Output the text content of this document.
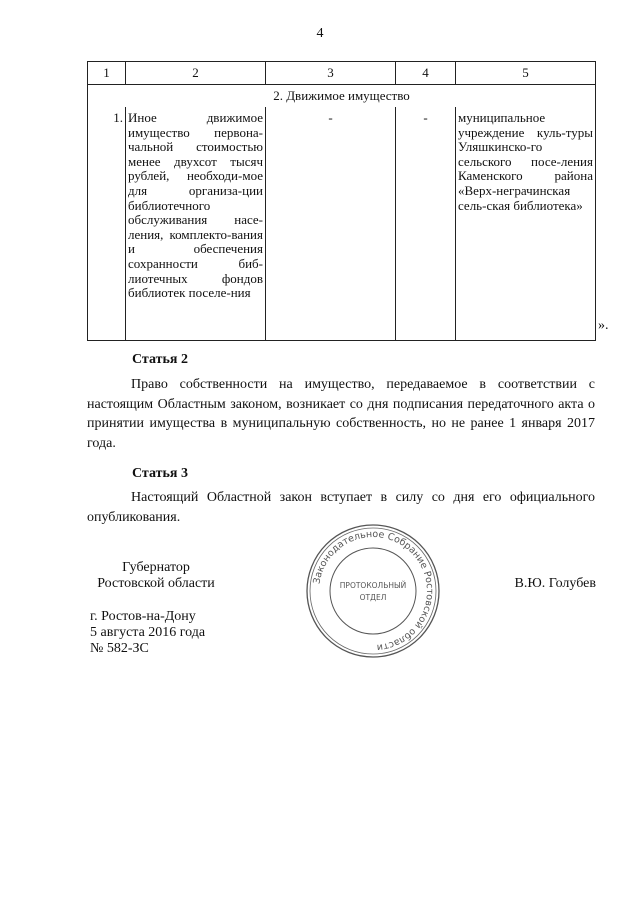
4
1	2	3	4	5
2. Движимое имущество				
1.	Иное движимое имущество первона-чальной стоимостью менее двухсот тысяч рублей, необходи-мое для организа-ции библиотечного обслуживания насе-ления, комплекто-вания и обеспечения сохранности биб-лиотечных фондов библиотек поселе-ния	-	-	муниципальное учреждение куль-туры Уляшкинско-го сельского посе-ления Каменского района «Верх-неграчинская сель-ская библиотека»
».
Статья 2

Право собственности на имущество, передаваемое в соответствии с настоящим Областным законом, возникает со дня подписания передаточного акта о принятии имущества в муниципальную собственность, но не ранее 1 января 2017 года.

Статья 3

Настоящий Областной закон вступает в силу со дня его официального опубликования.

Губернатор
Ростовской области	В.Ю. Голубев
г. Ростов-на-Дону
5 августа 2016 года
№ 582-ЗС
Законодательное Собрание Ростовской области
ПРОТОКОЛЬНЫЙ
ОТДЕЛ
